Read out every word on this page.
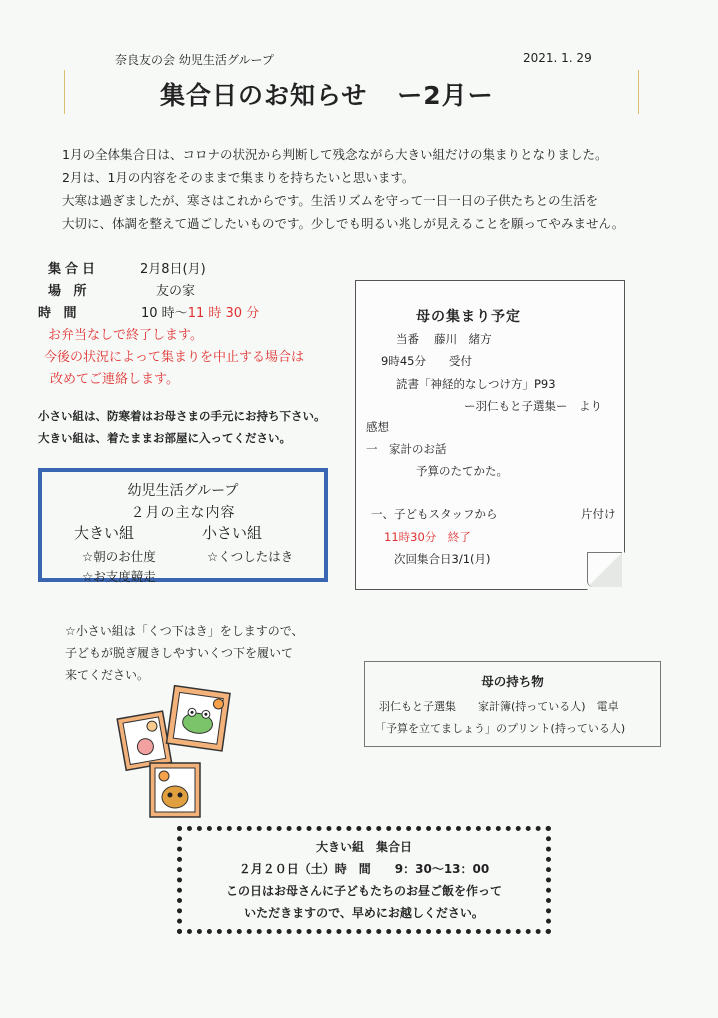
奈良友の会 幼児生活グループ	2021. 1. 29
集合日のお知らせ ー2月ー

1月の全体集合日は、コロナの状況から判断して残念ながら大きい組だけの集まりとなりました。

2月は、1月の内容をそのままで集まりを持ちたいと思います。

大寒は過ぎましたが、寒さはこれからです。生活リズムを守って一日一日の子供たちとの生活を

大切に、体調を整えて過ごしたいものです。少しでも明るい兆しが見えることを願ってやみません。

集合日	2月8日(月)
場 所	友の家
時 間	10 時～11 時 30 分
お弁当なしで終了します。
今後の状況によって集まりを中止する場合は
改めてご連絡します。

小さい組は、防寒着はお母さまの手元にお持ち下さい。

大きい組は、着たままお部屋に入ってください。

幼児生活グループ
２月の主な内容
大きい組	小さい組
☆朝のお仕度	☆くつしたはき
☆お支度競走
母の集まり予定
当番　 藤川　緒方
9時45分　　受付
読書「神経的なしつけ方」P93
ー羽仁もと子選集ー　より
感想
一　家計のお話
予算のたてかた。
一、子どもスタッフから	片付け
11時30分　終了
次回集合日3/1(月)

☆小さい組は「くつ下はき」をしますので、

子どもが脱ぎ履きしやすいくつ下を履いて

来てください。	母の持ち物
羽仁もと子選集　　家計簿(持っている人)　電卓
「予算を立てましょう」のプリント(持っている人)
大きい組　集合日
２月２０日（土）時　間　　9：30～13：00
この日はお母さんに子どもたちのお昼ご飯を作って
いただきますので、早めにお越しください。
